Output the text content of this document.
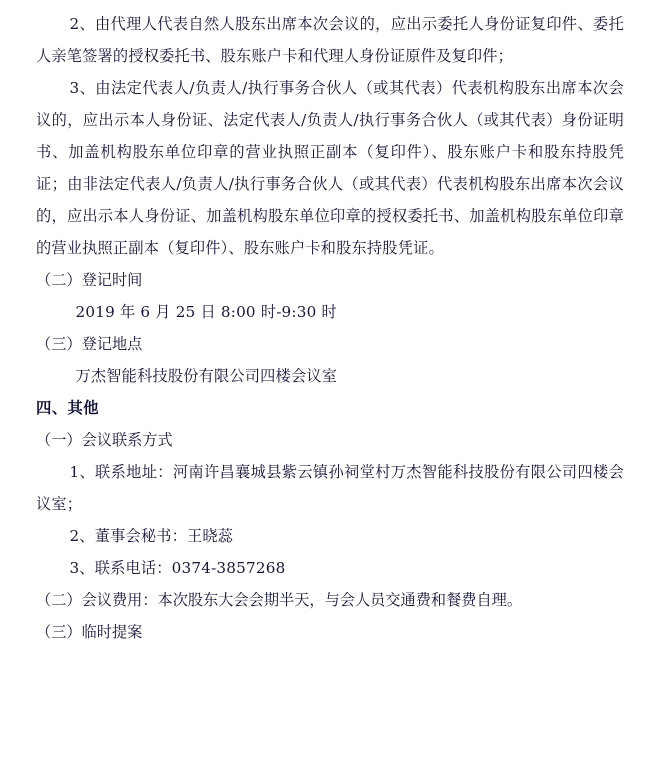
2、由代理人代表自然人股东出席本次会议的，应出示委托人身份证复印件、委托人亲笔签署的授权委托书、股东账户卡和代理人身份证原件及复印件；

3、由法定代表人/负责人/执行事务合伙人（或其代表）代表机构股东出席本次会议的，应出示本人身份证、法定代表人/负责人/执行事务合伙人（或其代表）身份证明书、加盖机构股东单位印章的营业执照正副本（复印件）、股东账户卡和股东持股凭证；由非法定代表人/负责人/执行事务合伙人（或其代表）代表机构股东出席本次会议的，应出示本人身份证、加盖机构股东单位印章的授权委托书、加盖机构股东单位印章的营业执照正副本（复印件）、股东账户卡和股东持股凭证。

（二）登记时间

2019 年 6 月 25 日 8:00 时-9:30 时

（三）登记地点

万杰智能科技股份有限公司四楼会议室

四、其他

（一）会议联系方式

1、联系地址：河南许昌襄城县紫云镇孙祠堂村万杰智能科技股份有限公司四楼会议室；

2、董事会秘书：王晓蕊

3、联系电话：0374-3857268

（二）会议费用：本次股东大会会期半天，与会人员交通费和餐费自理。

（三）临时提案
